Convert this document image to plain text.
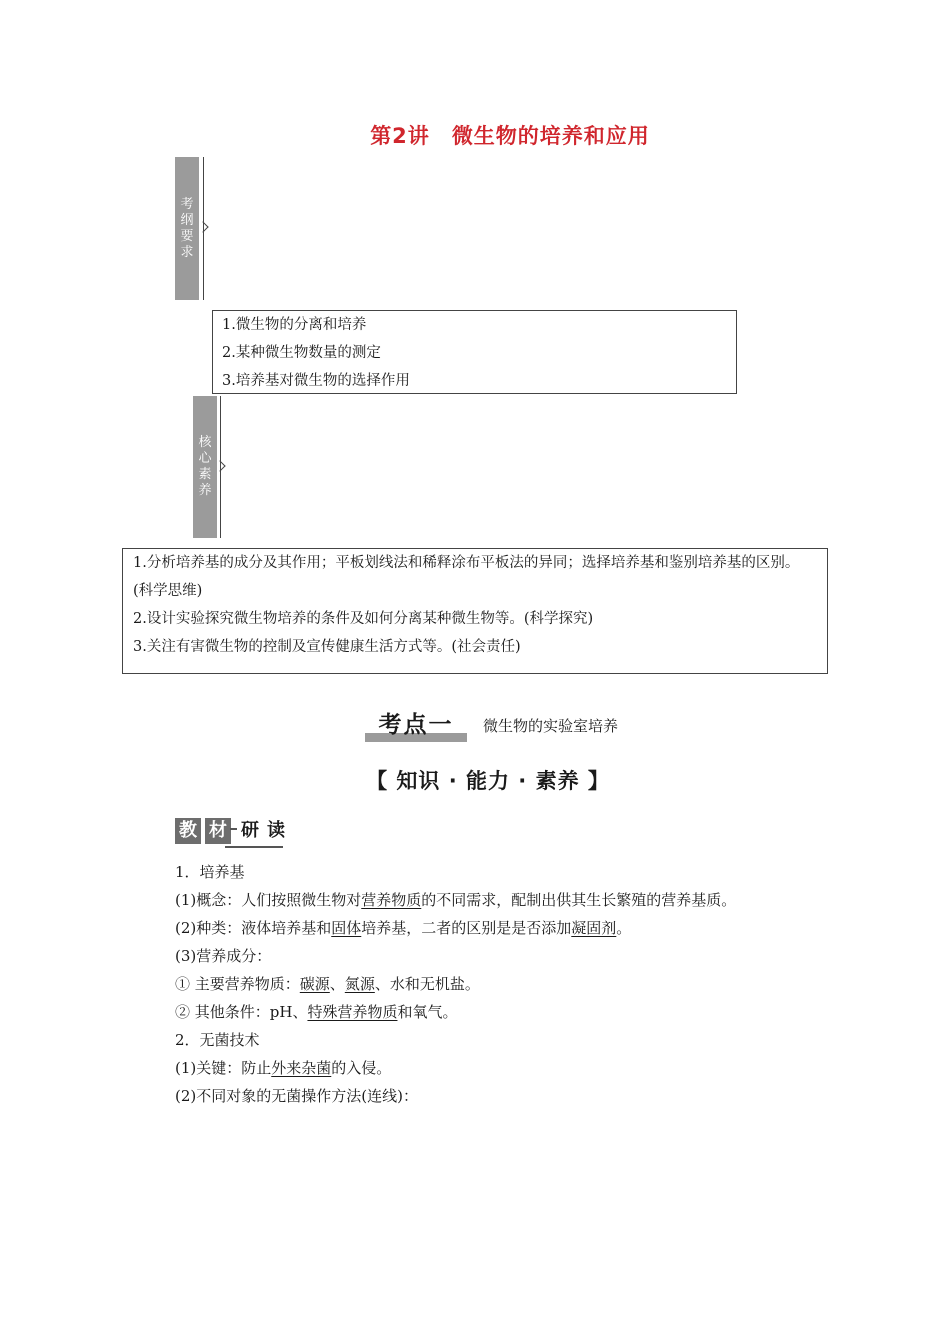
第2讲 微生物的培养和应用
考纲要求

1.微生物的分离和培养

2.某种微生物数量的测定

3.培养基对微生物的选择作用

核心素养

1.分析培养基的成分及其作用；平板划线法和稀释涂布平板法的异同；选择培养基和鉴别培养基的区别。(科学思维)

2.设计实验探究微生物培养的条件及如何分离某种微生物等。(科学探究)

3.关注有害微生物的控制及宣传健康生活方式等。(社会责任)

考点一	微生物的实验室培养
【 知识 · 能力 · 素养 】
教 材 研 读

1．培养基

(1)概念：人们按照微生物对营养物质的不同需求，配制出供其生长繁殖的营养基质。

(2)种类：液体培养基和固体培养基，二者的区别是是否添加凝固剂。

(3)营养成分：

① 主要营养物质：碳源、氮源、水和无机盐。

② 其他条件：pH、特殊营养物质和氧气。

2．无菌技术

(1)关键：防止外来杂菌的入侵。

(2)不同对象的无菌操作方法(连线)：
